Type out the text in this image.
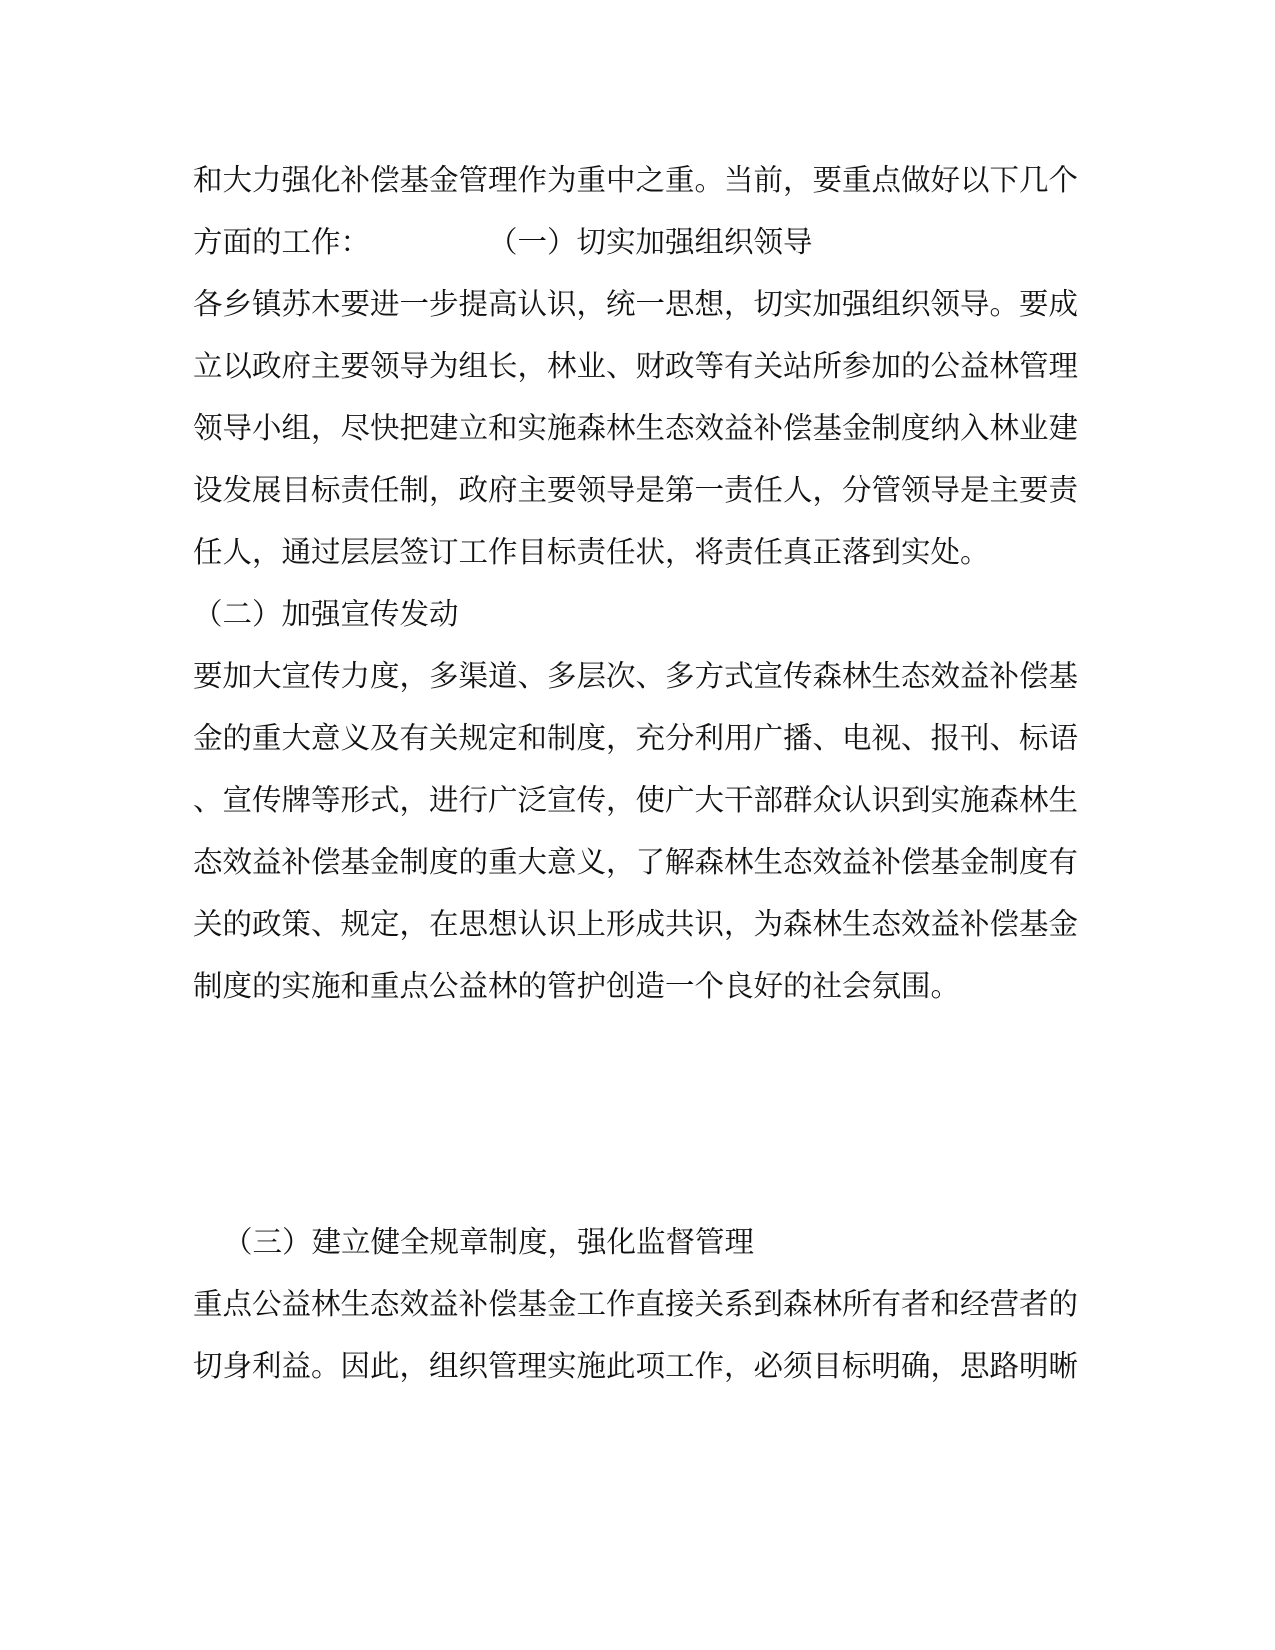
和大力强化补偿基金管理作为重中之重。当前，要重点做好以下几个
方面的工作：	（一）切实加强组织领导
各乡镇苏木要进一步提高认识，统一思想，切实加强组织领导。要成
立以政府主要领导为组长，林业、财政等有关站所参加的公益林管理
领导小组，尽快把建立和实施森林生态效益补偿基金制度纳入林业建
设发展目标责任制，政府主要领导是第一责任人，分管领导是主要责
任人，通过层层签订工作目标责任状，将责任真正落到实处。
（二）加强宣传发动
要加大宣传力度，多渠道、多层次、多方式宣传森林生态效益补偿基
金的重大意义及有关规定和制度，充分利用广播、电视、报刊、标语
、宣传牌等形式，进行广泛宣传，使广大干部群众认识到实施森林生
态效益补偿基金制度的重大意义，了解森林生态效益补偿基金制度有
关的政策、规定，在思想认识上形成共识，为森林生态效益补偿基金
制度的实施和重点公益林的管护创造一个良好的社会氛围。
（三）建立健全规章制度，强化监督管理
重点公益林生态效益补偿基金工作直接关系到森林所有者和经营者的
切身利益。因此，组织管理实施此项工作，必须目标明确，思路明晰
